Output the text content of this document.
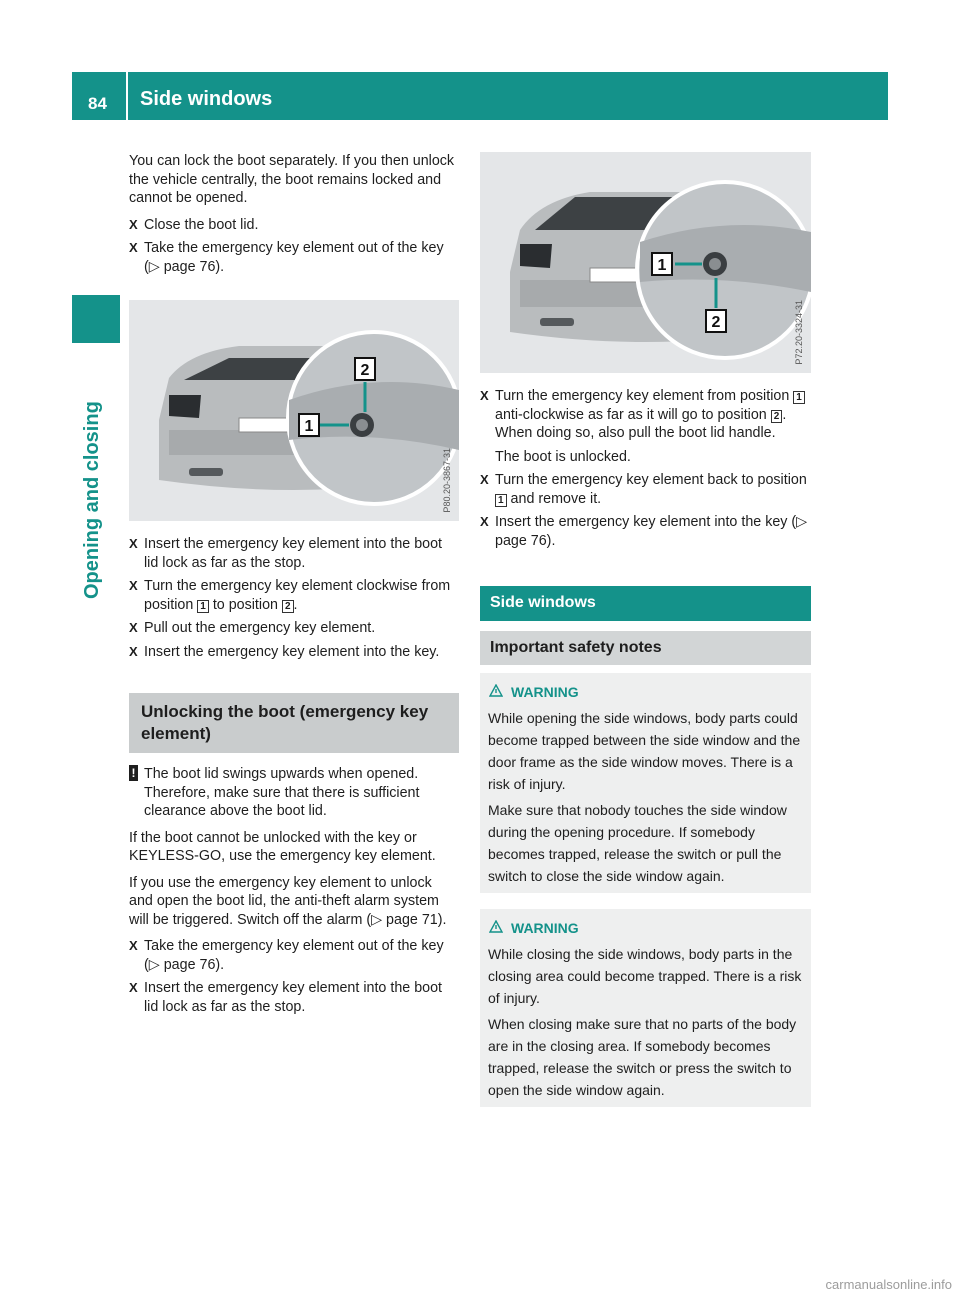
84 Side windows
Opening and closing

You can lock the boot separately. If you then unlock the vehicle centrally, the boot remains locked and cannot be opened.

X Close the boot lid.
X Take the emergency key element out of the key (▷ page 76).
1
2
P80.20-3867-31
X Insert the emergency key element into the boot lid lock as far as the stop.
X Turn the emergency key element clockwise from position 1 to position 2 .
X Pull out the emergency key element.
X Insert the emergency key element into the key.
Unlocking the boot (emergency key element)
! The boot lid swings upwards when opened. Therefore, make sure that there is sufficient clearance above the boot lid.

If the boot cannot be unlocked with the key or KEYLESS-GO, use the emergency key element.

If you use the emergency key element to unlock and open the boot lid, the anti-theft alarm system will be triggered. Switch off the alarm (▷ page 71).

X Take the emergency key element out of the key (▷ page 76).
X Insert the emergency key element into the boot lid lock as far as the stop.
1
2	P72.20-3324-31
X Turn the emergency key element from position 1 anti-clockwise as far as it will go to position 2 . When doing so, also pull the boot lid handle.
The boot is unlocked.
X Turn the emergency key element back to position 1 and remove it.
X Insert the emergency key element into the key (▷ page 76).
Side windows
Important safety notes
WARNING

While opening the side windows, body parts could become trapped between the side window and the door frame as the side window moves. There is a risk of injury.

Make sure that nobody touches the side window during the opening procedure. If somebody becomes trapped, release the switch or pull the switch to close the side window again.

WARNING

While closing the side windows, body parts in the closing area could become trapped. There is a risk of injury.

When closing make sure that no parts of the body are in the closing area. If somebody becomes trapped, release the switch or press the switch to open the side window again.

carmanualsonline.info
